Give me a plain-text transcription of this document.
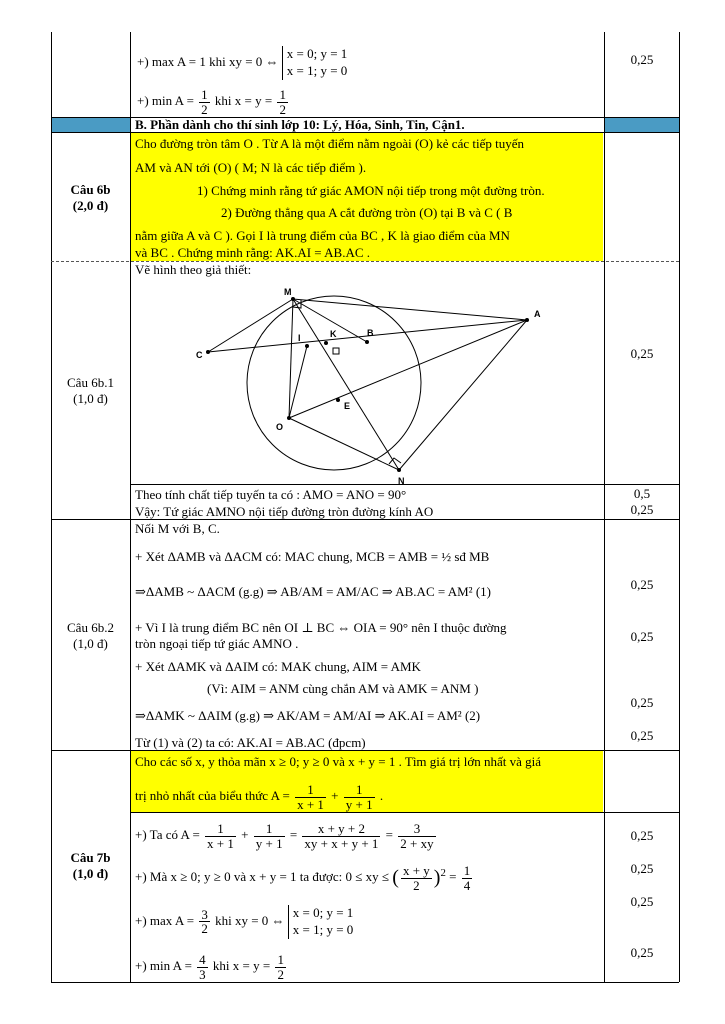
+) max A = 1 khi xy = 0 ⇔
x = 0; y = 1
x = 1; y = 0
+) $\min A = \frac{1}{2}$ khi $x = y = \frac{1}{2}$
0,25
B. Phần dành cho thí sinh lớp 10: Lý, Hóa, Sinh, Tin, Cận1.
Cho đường tròn tâm O . Từ A là một điểm nằm ngoài (O) kẻ các tiếp tuyến
AM và AN tới (O) ( M; N là các tiếp điểm ).
1) Chứng minh rằng tứ giác AMON nội tiếp trong một đường tròn.
2) Đường thẳng qua A cắt đường tròn (O) tại B và C ( B
nằm giữa A và C ). Gọi I là trung điểm của BC , K là giao điểm của MN
và BC . Chứng minh rằng: AK.AI = AB.AC .
Câu 6b
(2,0 đ)
Câu 6b.1
(1,0 đ)
Vẽ hình theo giả thiết:
M
A
I	K	B
C
O
E
N
0,25
Theo tính chất tiếp tuyến ta có : AMO = ANO = 90°
Vậy: Tứ giác AMNO nội tiếp đường tròn đường kính AO
0,5
0,25
Câu 6b.2
(1,0 đ)
Nối M với B, C.
+ Xét ΔAMB và ΔACM có: MAC chung, MCB = AMB = ½ sđ MB
⇒ΔAMB ~ ΔACM (g.g) ⇒ AB/AM = AM/AC ⇒ AB.AC = AM² (1)
+ Vì I là trung điểm BC nên OI ⊥ BC ⇔ OIA = 90° nên I thuộc đường
tròn ngoại tiếp tứ giác AMNO .
+ Xét ΔAMK và ΔAIM có: MAK chung, AIM = AMK
(Vì: AIM = ANM cùng chắn AM và AMK = ANM )
⇒ΔAMK ~ ΔAIM (g.g) ⇒ AK/AM = AM/AI ⇒ AK.AI = AM² (2)
Từ (1) và (2) ta có: AK.AI = AB.AC (đpcm)
0,25
0,25
0,25
0,25
Cho các số x, y thỏa mãn x ≥ 0; y ≥ 0 và x + y = 1 . Tìm giá trị lớn nhất và giá
trị nhỏ nhất của biểu thức $A = \frac{1}{x + 1} + \frac{1}{y + 1}$ .
Câu 7b
(1,0 đ)
+) Ta có $A = \frac{1}{x + 1} + \frac{1}{y + 1} = \frac{x + y + 2}{xy + x + y + 1} = \frac{3}{2 + xy}$
+) Mà x ≥ 0; y ≥ 0 và x + y = 1 ta được: 0 ≤ xy ≤ ( $\frac{x + y}{2} )^2 = \frac{1}{4}$
+) $\max A = \frac{3}{2}$ khi xy = 0 ⇔
x = 0; y = 1
x = 1; y = 0
+) $\min A = \frac{4}{3}$ khi $x = y = \frac{1}{2}$
0,25
0,25
0,25
0,25
